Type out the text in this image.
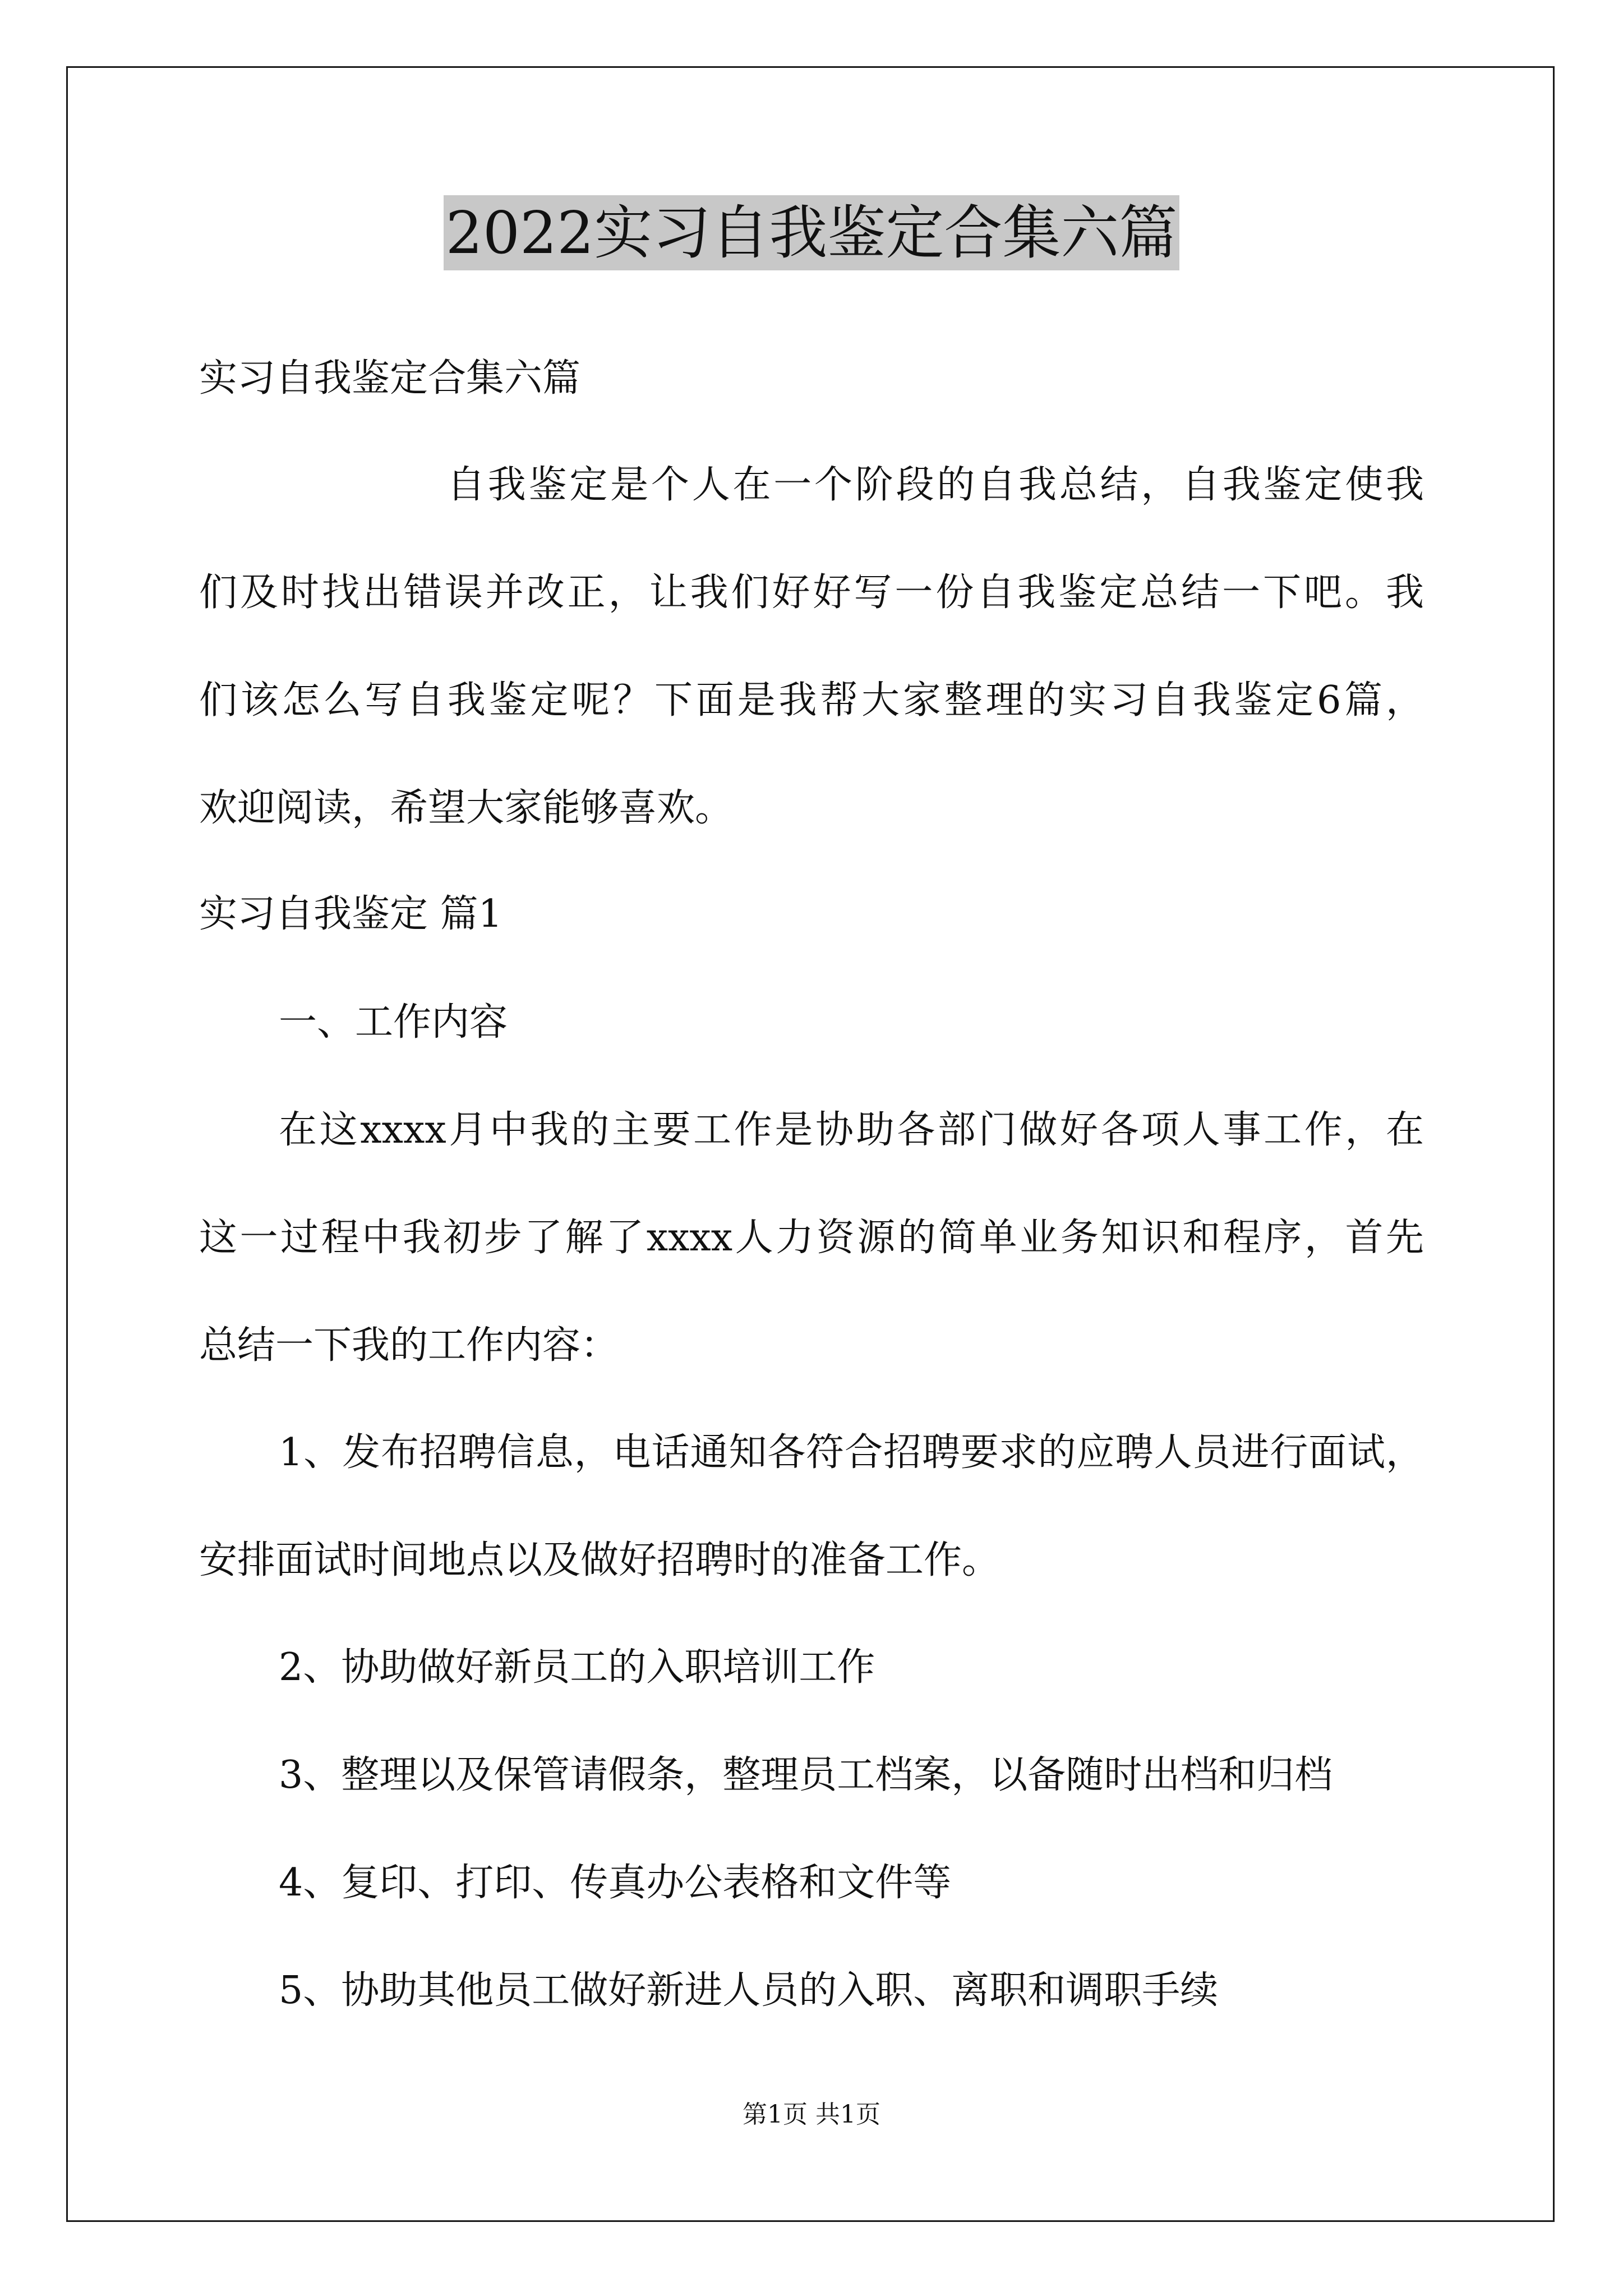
2022实习自我鉴定合集六篇
实习自我鉴定合集六篇
自我鉴定是个人在一个阶段的自我总结，自我鉴定使我
们及时找出错误并改正，让我们好好写一份自我鉴定总结一下吧。我
们该怎么写自我鉴定呢？下面是我帮大家整理的实习自我鉴定6篇，
欢迎阅读，希望大家能够喜欢。
实习自我鉴定 篇1
一、工作内容
在这xxxx月中我的主要工作是协助各部门做好各项人事工作，在
这一过程中我初步了解了xxxx人力资源的简单业务知识和程序，首先
总结一下我的工作内容：
1、发布招聘信息，电话通知各符合招聘要求的应聘人员进行面试，
安排面试时间地点以及做好招聘时的准备工作。
2、协助做好新员工的入职培训工作
3、整理以及保管请假条，整理员工档案，以备随时出档和归档
4、复印、打印、传真办公表格和文件等
5、协助其他员工做好新进人员的入职、离职和调职手续
第1页 共1页
